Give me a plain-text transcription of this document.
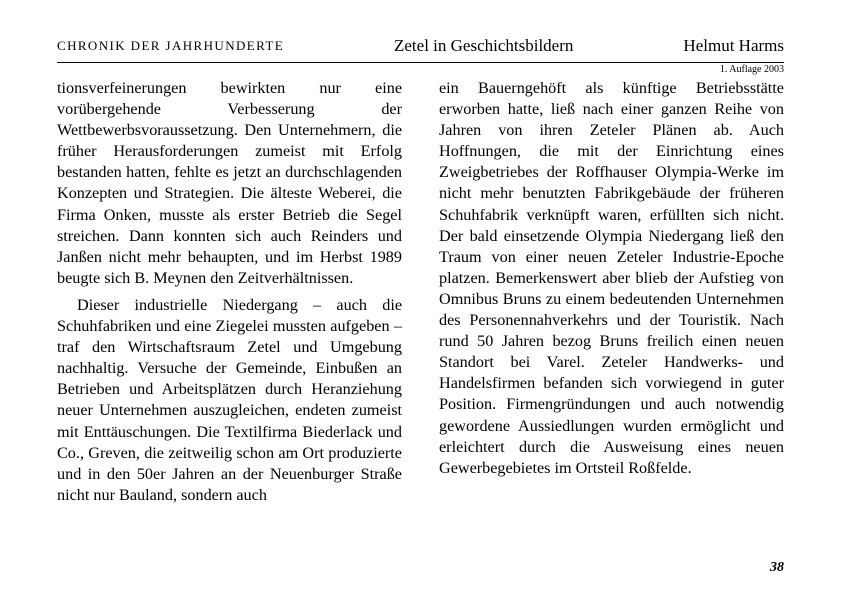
CHRONIK DER JAHRHUNDERTE	Zetel in Geschichtsbildern	Helmut Harms
1. Auflage 2003

tionsverfeinerungen bewirkten nur eine vorübergehende Verbesserung der Wettbewerbsvoraussetzung. Den Unternehmern, die früher Herausforderungen zumeist mit Erfolg bestanden hatten, fehlte es jetzt an durchschlagenden Konzepten und Strategien. Die älteste Weberei, die Firma Onken, musste als erster Betrieb die Segel streichen. Dann konnten sich auch Reinders und Janßen nicht mehr behaupten, und im Herbst 1989 beugte sich B. Meynen den Zeitverhältnissen.

Dieser industrielle Niedergang – auch die Schuhfabriken und eine Ziegelei mussten aufgeben – traf den Wirtschaftsraum Zetel und Umgebung nachhaltig. Versuche der Gemeinde, Einbußen an Betrieben und Arbeitsplätzen durch Heranziehung neuer Unternehmen auszugleichen, endeten zumeist mit Enttäuschungen. Die Textilfirma Biederlack und Co., Greven, die zeitweilig schon am Ort produzierte und in den 50er Jahren an der Neuenburger Straße nicht nur Bauland, sondern auch

ein Bauerngehöft als künftige Betriebsstätte erworben hatte, ließ nach einer ganzen Reihe von Jahren von ihren Zeteler Plänen ab. Auch Hoffnungen, die mit der Einrichtung eines Zweigbetriebes der Roffhauser Olympia-Werke im nicht mehr benutzten Fabrikgebäude der früheren Schuhfabrik verknüpft waren, erfüllten sich nicht. Der bald einsetzende Olympia Niedergang ließ den Traum von einer neuen Zeteler Industrie-Epoche platzen. Bemerkenswert aber blieb der Aufstieg von Omnibus Bruns zu einem bedeutenden Unternehmen des Personennahverkehrs und der Touristik. Nach rund 50 Jahren bezog Bruns freilich einen neuen Standort bei Varel. Zeteler Handwerks- und Handelsfirmen befanden sich vorwiegend in guter Position. Firmengründungen und auch notwendig gewordene Aussiedlungen wurden ermöglicht und erleichtert durch die Ausweisung eines neuen Gewerbegebietes im Ortsteil Roßfelde.

38
